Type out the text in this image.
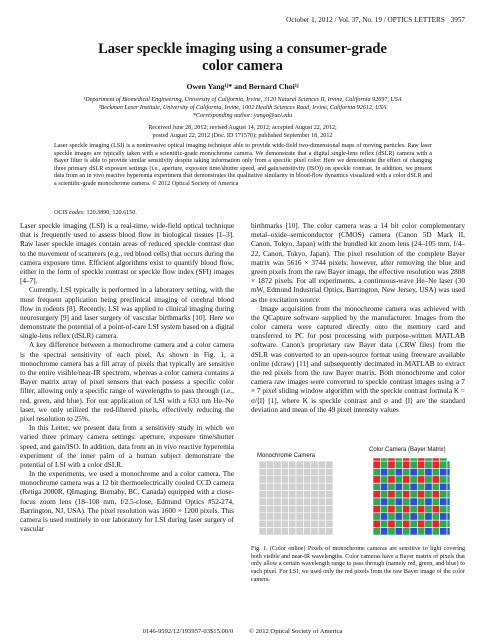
October 1, 2012 / Vol. 37, No. 19 / OPTICS LETTERS 3957
Laser speckle imaging using a consumer-grade
color camera
Owen Yang¹ʲ* and Bernard Choi¹ʲ
¹Department of Biomedical Engineering, University of California, Irvine, 3120 Natural Sciences II, Irvine, California 92697, USA
²Beckman Laser Institute, University of California, Irvine, 1002 Health Sciences Road, Irvine, California 92612, USA
*Corresponding author: yango@uci.edu
Received June 28, 2012; revised August 14, 2012; accepted August 22, 2012;
posted August 22, 2012 (Doc. ID 171570); published September 18, 2012
Laser speckle imaging (LSI) is a noninvasive optical imaging technique able to provide wide-field two-dimensional maps of moving particles. Raw laser speckle images are typically taken with a scientific-grade monochrome camera. We demonstrate that a digital single-lens reflex (dSLR) camera with a Bayer filter is able to provide similar sensitivity despite taking information only from a specific pixel color. Here we demonstrate the effect of changing three primary dSLR exposure settings (i.e., aperture, exposure time/shutter speed, and gain/sensitivity (ISO)) on speckle contrast. In addition, we present data from an in vivo reactive hyperemia experiment that demonstrates the qualitative similarity in blood-flow dynamics visualized with a color dSLR and a scientific-grade monochrome camera. © 2012 Optical Society of America
OCIS codes: 120.3890, 120.6150.

Laser speckle imaging (LSI) is a real-time, wide-field optical technique that is frequently used to assess blood flow in biological tissues [1–3]. Raw laser speckle images contain areas of reduced speckle contrast due to the movement of scatterers (e.g., red blood cells) that occurs during the camera exposure time. Efficient algorithms exist to quantify blood flow, either in the form of speckle contrast or speckle flow index (SFI) images [4–7].

Currently, LSI typically is performed in a laboratory setting, with the most frequent application being preclinical imaging of cerebral blood flow in rodents [8]. Recently, LSI was applied to clinical imaging during neurosurgery [9] and laser surgery of vascular birthmarks [10]. Here we demonstrate the potential of a point-of-care LSI system based on a digital single-lens reflex (dSLR) camera.

A key difference between a monochrome camera and a color camera is the spectral sensitivity of each pixel. As shown in Fig. 1, a monochrome camera has a fill array of pixels that typically are sensitive to the entire visible/near-IR spectrum, whereas a color camera contains a Bayer matrix array of pixel sensors that each possess a specific color filter, allowing only a specific range of wavelengths to pass through (i.e., red, green, and blue). For our application of LSI with a 633 nm He–Ne laser, we only utilized the red-filtered pixels, effectively reducing the pixel resolution to 25%.

In this Letter, we present data from a sensitivity study in which we varied three primary camera settings: aperture, exposure time/shutter speed, and gain/ISO. In addition, data from an in vivo reactive hyperemia experiment of the inner palm of a human subject demonstrate the potential of LSI with a color dSLR.

In the experiments, we used a monochrome and a color camera. The monochrome camera was a 12 bit thermoelectrically cooled CCD camera (Retiga 2000R, QImaging, Burnaby, BC, Canada) equipped with a close-focus zoom lens (18–108 mm, f/2.5-close, Edmund Optics #52-274, Barrington, NJ, USA). The pixel resolution was 1600 × 1200 pixels. This camera is used routinely in our laboratory for LSI during laser surgery of vascular

birthmarks [10]. The color camera was a 14 bit color complementary metal–oxide–semiconductor (CMOS) camera (Canon 5D Mark II, Canon, Tokyo, Japan) with the bundled kit zoom lens (24–105 mm, f/4–22, Canon, Tokyo, Japan). The pixel resolution of the complete Bayer matrix was 5616 × 3744 pixels; however, after removing the blue and green pixels from the raw Bayer image, the effective resolution was 2808 × 1872 pixels. For all experiments, a continuous-wave He–Ne laser (30 mW, Edmund Industrial Optics, Barrington, New Jersey, USA) was used as the excitation source.

Image acquisition from the monochrome camera was achieved with the QCapture software supplied by the manufacturer. Images from the color camera were captured directly onto the memory card and transferred to PC for post processing with purpose-written MATLAB software. Canon's proprietary raw Bayer data (.CRW files) from the dSLR was converted to an open-source format using freeware available online (dcraw) [11] and subsequently decimated in MATLAB to extract the red pixels from the raw Bayer matrix. Both monochrome and color camera raw images were converted to speckle contrast images using a 7 × 7 pixel sliding window algorithm with the speckle contrast formula K = σ/⟨I⟩ [1], where K is speckle contrast and σ and ⟨I⟩ are the standard deviation and mean of the 49 pixel intensity values

Monochrome Camera
Color Camera (Bayer Matrix)
Fig. 1. (Color online) Pixels of monochrome cameras are sensitive to light covering both visible and near-IR wavelengths. Color cameras have a Bayer matrix of pixels that only allow a certain wavelength range to pass through (namely red, green, and blue) to each pixel. For LSI, we used only the red pixels from the raw Bayer image of the color camera.
0146-9592/12/193957-03$15.00/0 © 2012 Optical Society of America
